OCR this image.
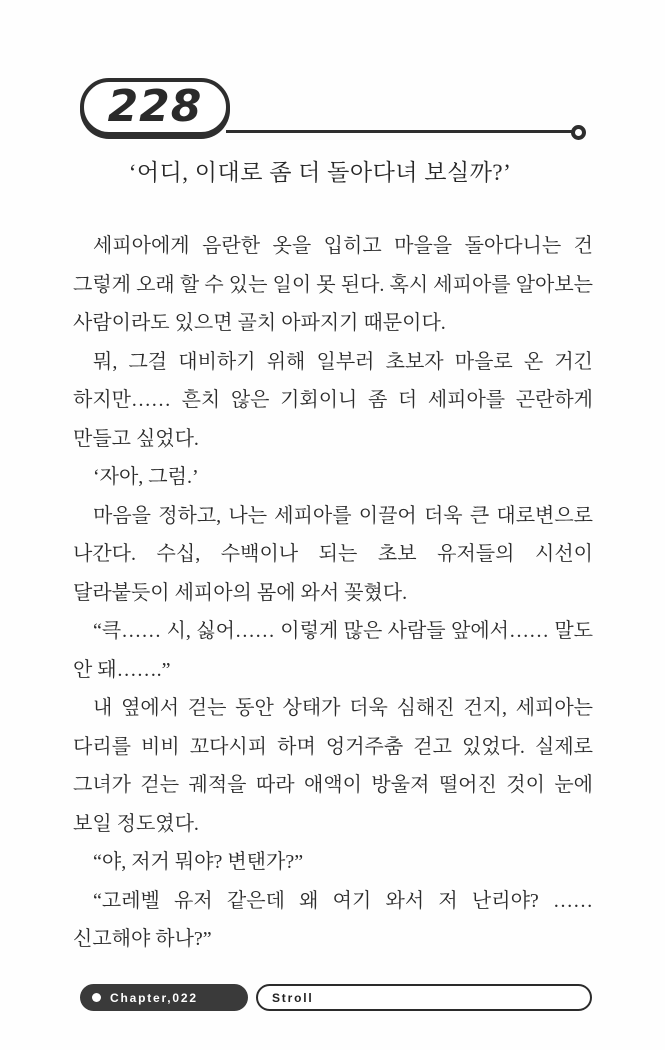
228
‘어디, 이대로 좀 더 돌아다녀 보실까?’

세피아에게 음란한 옷을 입히고 마을을 돌아다니는 건 그렇게 오래 할 수 있는 일이 못 된다. 혹시 세피아를 알아보는 사람이라도 있으면 골치 아파지기 때문이다.

뭐, 그걸 대비하기 위해 일부러 초보자 마을로 온 거긴 하지만…… 흔치 않은 기회이니 좀 더 세피아를 곤란하게 만들고 싶었다.

‘자아, 그럼.’

마음을 정하고, 나는 세피아를 이끌어 더욱 큰 대로변으로 나간다. 수십, 수백이나 되는 초보 유저들의 시선이 달라붙듯이 세피아의 몸에 와서 꽂혔다.

“큭…… 시, 싫어…… 이렇게 많은 사람들 앞에서…… 말도 안 돼…….”

내 옆에서 걷는 동안 상태가 더욱 심해진 건지, 세피아는 다리를 비비 꼬다시피 하며 엉거주춤 걷고 있었다. 실제로 그녀가 걷는 궤적을 따라 애액이 방울져 떨어진 것이 눈에 보일 정도였다.

“야, 저거 뭐야? 변탠가?”

“고레벨 유저 같은데 왜 여기 와서 저 난리야? ……신고해야 하나?”

Chapter,022	Stroll
